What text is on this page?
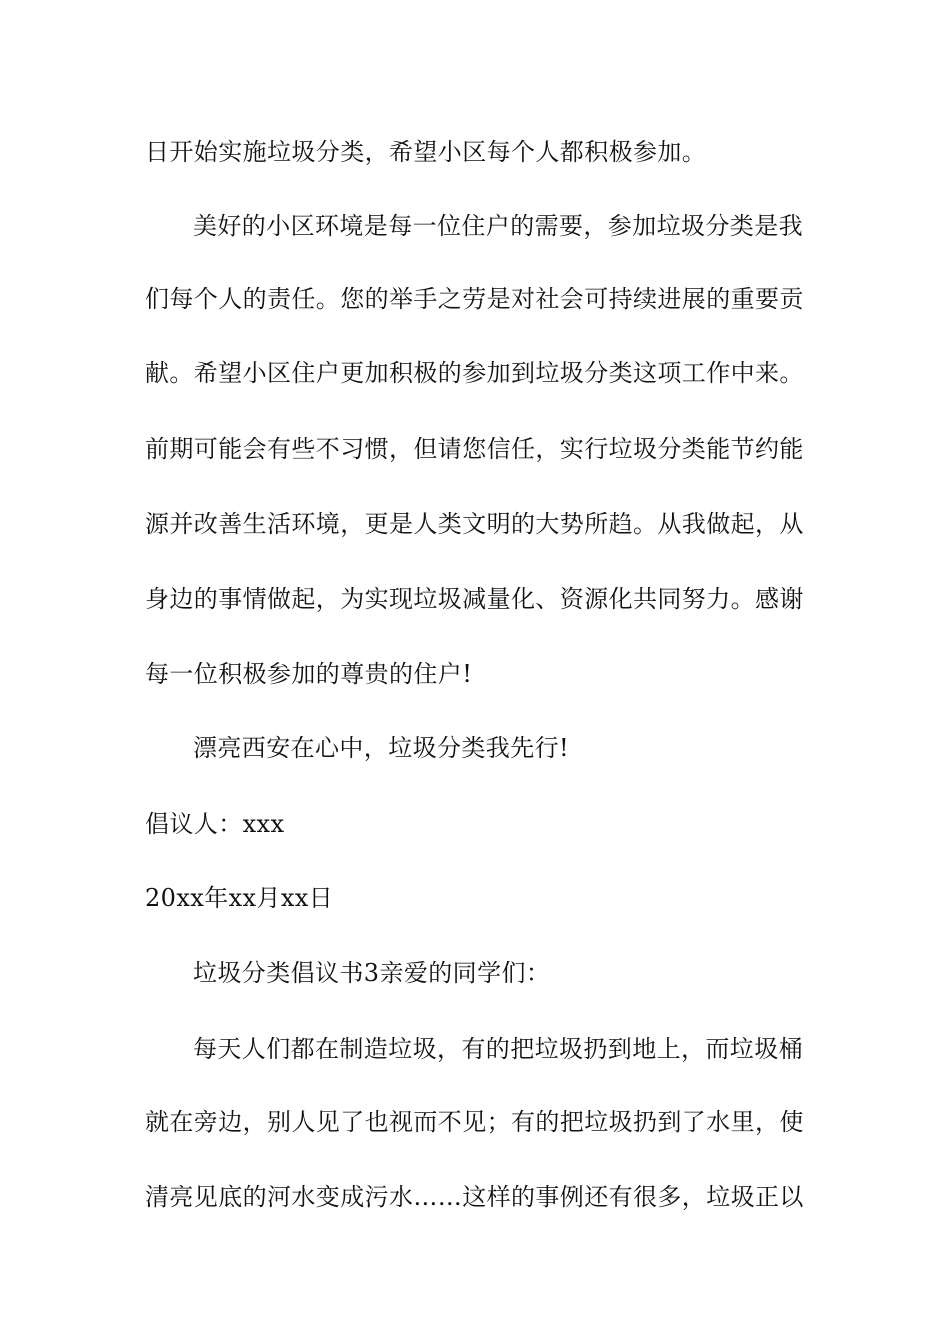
日开始实施垃圾分类，希望小区每个人都积极参加。
美好的小区环境是每一位住户的需要，参加垃圾分类是我
们每个人的责任。您的举手之劳是对社会可持续进展的重要贡
献。希望小区住户更加积极的参加到垃圾分类这项工作中来。
前期可能会有些不习惯，但请您信任，实行垃圾分类能节约能
源并改善生活环境，更是人类文明的大势所趋。从我做起，从
身边的事情做起，为实现垃圾减量化、资源化共同努力。感谢
每一位积极参加的尊贵的住户!
漂亮西安在心中，垃圾分类我先行!
倡议人：xxx
20xx年xx月xx日
垃圾分类倡议书3亲爱的同学们：
每天人们都在制造垃圾，有的把垃圾扔到地上，而垃圾桶
就在旁边，别人见了也视而不见；有的把垃圾扔到了水里，使
清亮见底的河水变成污水……这样的事例还有很多，垃圾正以
